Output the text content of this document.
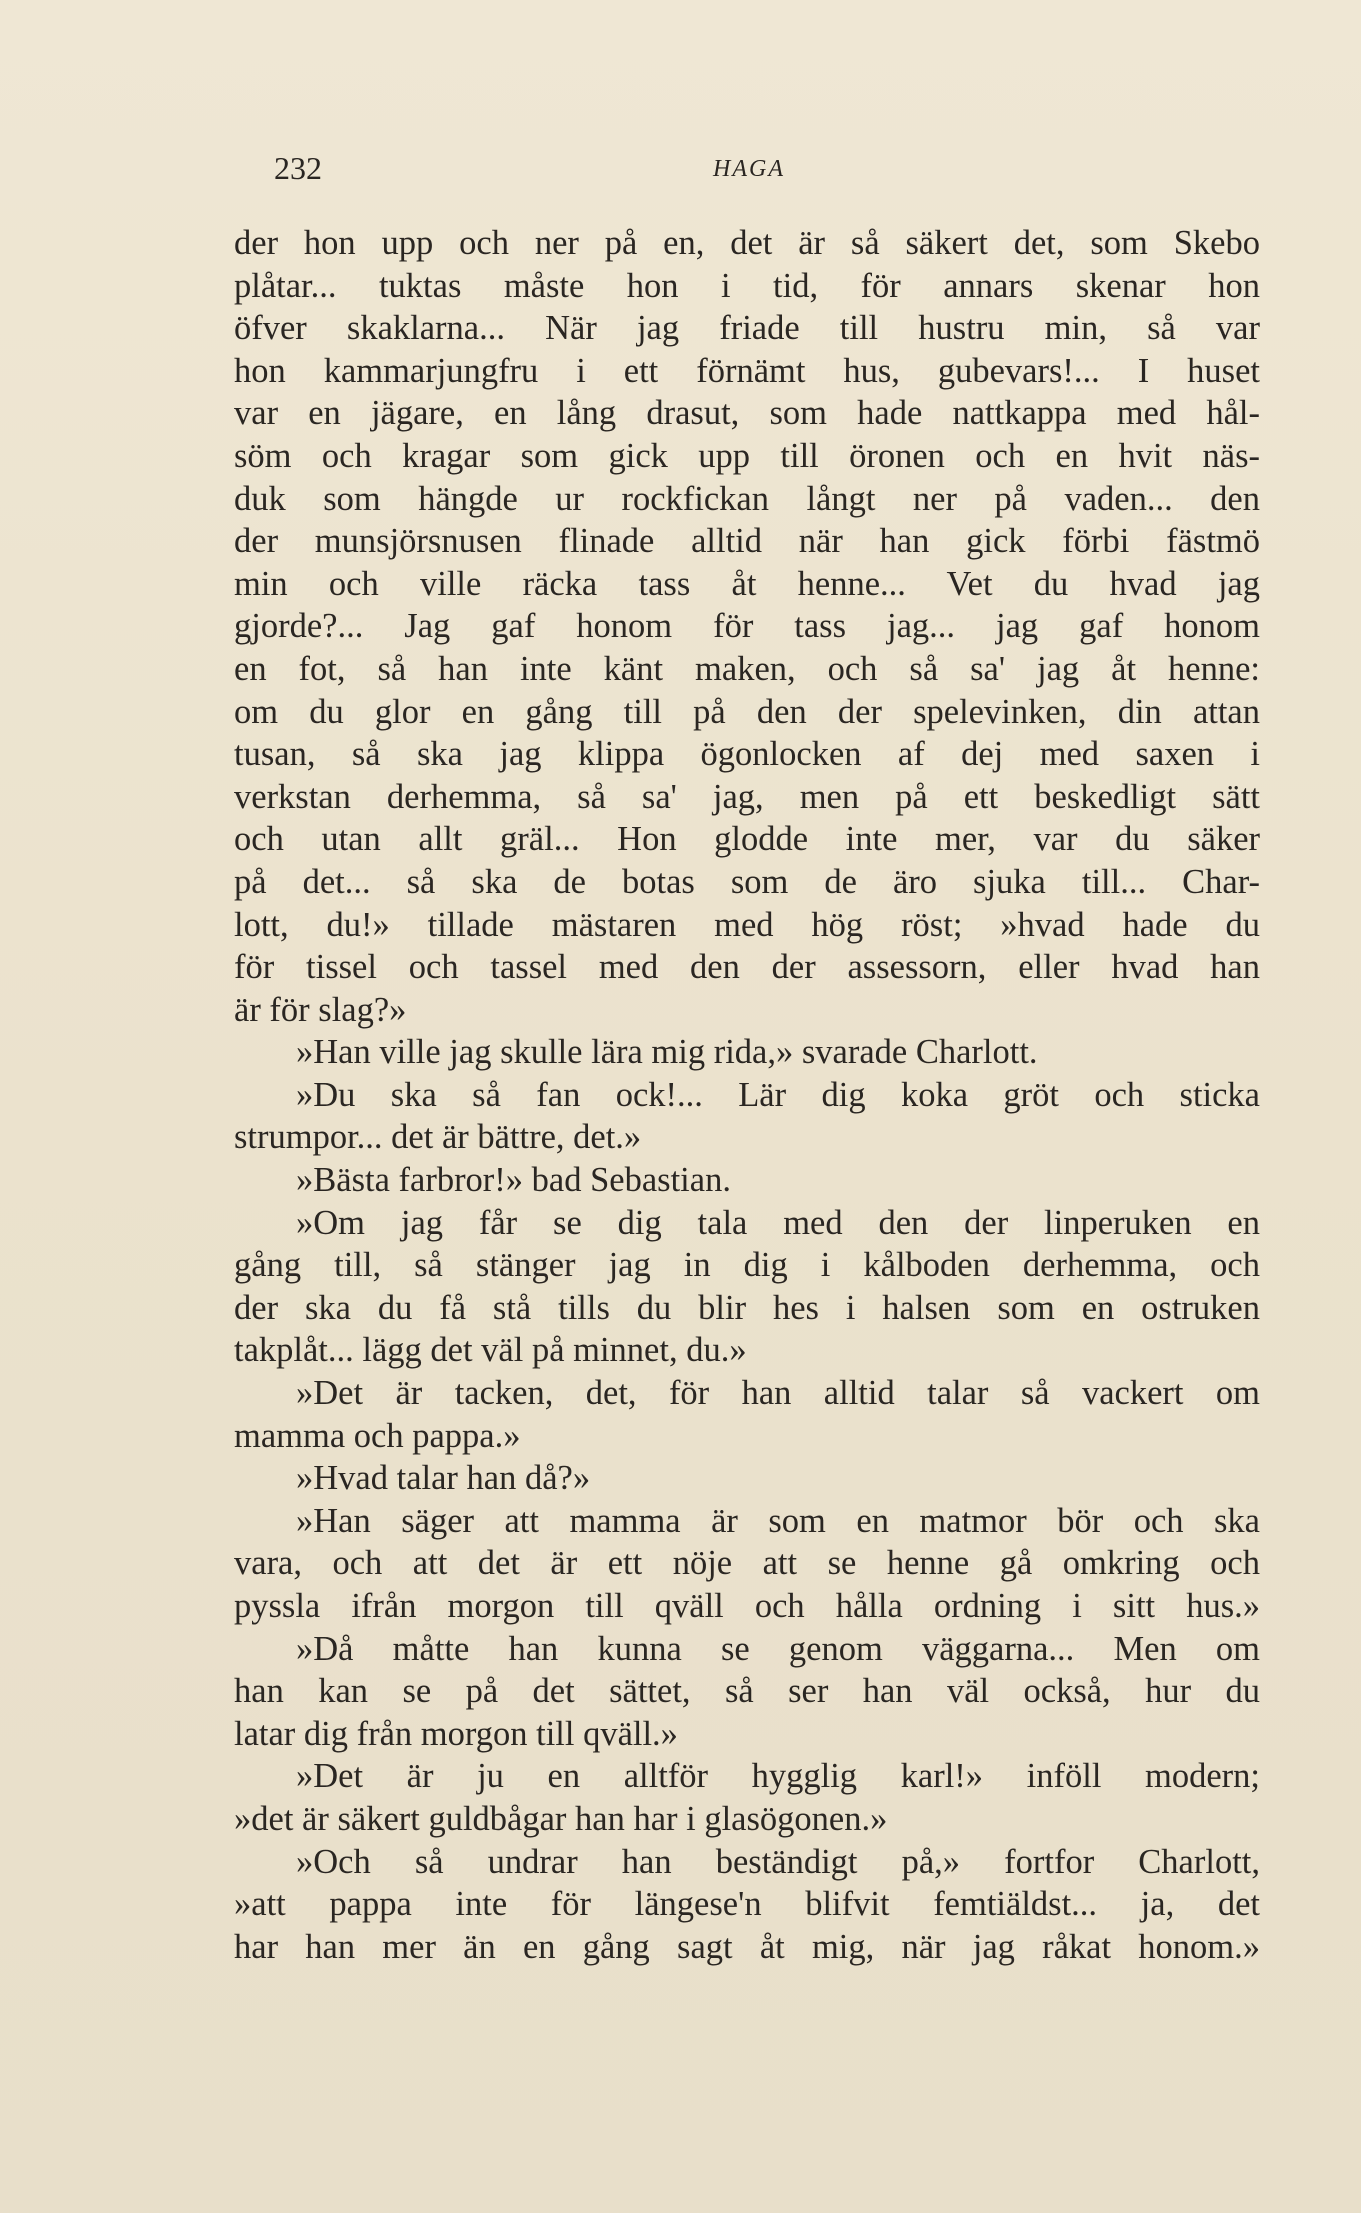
232	HAGA
der hon upp och ner på en, det är så säkert det, som Skebo
plåtar... tuktas måste hon i tid, för annars skenar hon
öfver skaklarna... När jag friade till hustru min, så var
hon kammarjungfru i ett förnämt hus, gubevars!... I huset
var en jägare, en lång drasut, som hade nattkappa med hål-
söm och kragar som gick upp till öronen och en hvit näs-
duk som hängde ur rockfickan långt ner på vaden... den
der munsjörsnusen flinade alltid när han gick förbi fästmö
min och ville räcka tass åt henne... Vet du hvad jag
gjorde?... Jag gaf honom för tass jag... jag gaf honom
en fot, så han inte känt maken, och så sa' jag åt henne:
om du glor en gång till på den der spelevinken, din attan
tusan, så ska jag klippa ögonlocken af dej med saxen i
verkstan derhemma, så sa' jag, men på ett beskedligt sätt
och utan allt gräl... Hon glodde inte mer, var du säker
på det... så ska de botas som de äro sjuka till... Char-
lott, du!» tillade mästaren med hög röst; »hvad hade du
för tissel och tassel med den der assessorn, eller hvad han
är för slag?»
»Han ville jag skulle lära mig rida,» svarade Charlott.
»Du ska så fan ock!... Lär dig koka gröt och sticka
strumpor... det är bättre, det.»
»Bästa farbror!» bad Sebastian.
»Om jag får se dig tala med den der linperuken en
gång till, så stänger jag in dig i kålboden derhemma, och
der ska du få stå tills du blir hes i halsen som en ostruken
takplåt... lägg det väl på minnet, du.»
»Det är tacken, det, för han alltid talar så vackert om
mamma och pappa.»
»Hvad talar han då?»
»Han säger att mamma är som en matmor bör och ska
vara, och att det är ett nöje att se henne gå omkring och
pyssla ifrån morgon till qväll och hålla ordning i sitt hus.»
»Då måtte han kunna se genom väggarna... Men om
han kan se på det sättet, så ser han väl också, hur du
latar dig från morgon till qväll.»
»Det är ju en alltför hygglig karl!» inföll modern;
»det är säkert guldbågar han har i glasögonen.»
»Och så undrar han beständigt på,» fortfor Charlott,
»att pappa inte för längese'n blifvit femtiäldst... ja, det
har han mer än en gång sagt åt mig, när jag råkat honom.»
